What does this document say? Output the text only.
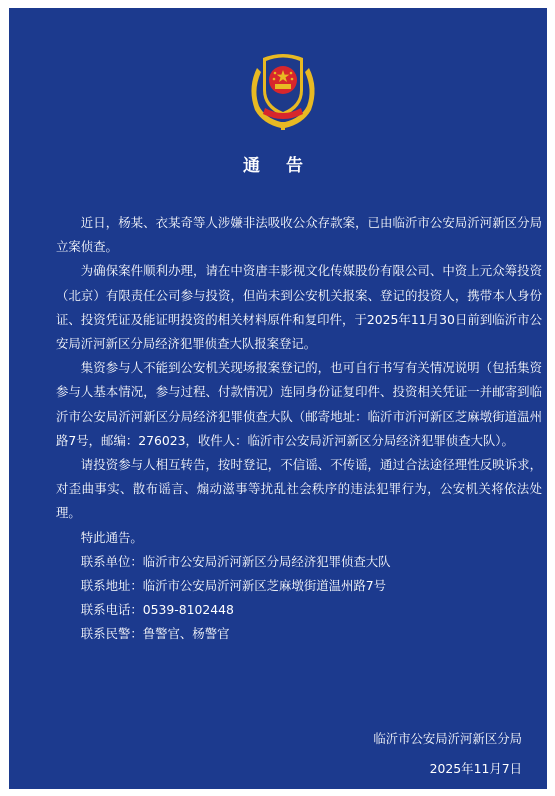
通 告

近日，杨某、衣某奇等人涉嫌非法吸收公众存款案，已由临沂市公安局沂河新区分局立案侦查。

为确保案件顺利办理，请在中资唐丰影视文化传媒股份有限公司、中资上元众筹投资（北京）有限责任公司参与投资，但尚未到公安机关报案、登记的投资人，携带本人身份证、投资凭证及能证明投资的相关材料原件和复印件，于2025年11月30日前到临沂市公安局沂河新区分局经济犯罪侦查大队报案登记。

集资参与人不能到公安机关现场报案登记的，也可自行书写有关情况说明（包括集资参与人基本情况，参与过程、付款情况）连同身份证复印件、投资相关凭证一并邮寄到临沂市公安局沂河新区分局经济犯罪侦查大队（邮寄地址：临沂市沂河新区芝麻墩街道温州路7号，邮编：276023，收件人：临沂市公安局沂河新区分局经济犯罪侦查大队）。

请投资参与人相互转告，按时登记，不信谣、不传谣，通过合法途径理性反映诉求，对歪曲事实、散布谣言、煽动滋事等扰乱社会秩序的违法犯罪行为，公安机关将依法处理。

特此通告。

联系单位：临沂市公安局沂河新区分局经济犯罪侦查大队

联系地址：临沂市公安局沂河新区芝麻墩街道温州路7号

联系电话：0539-8102448

联系民警：鲁警官、杨警官

临沂市公安局沂河新区分局
2025年11月7日
